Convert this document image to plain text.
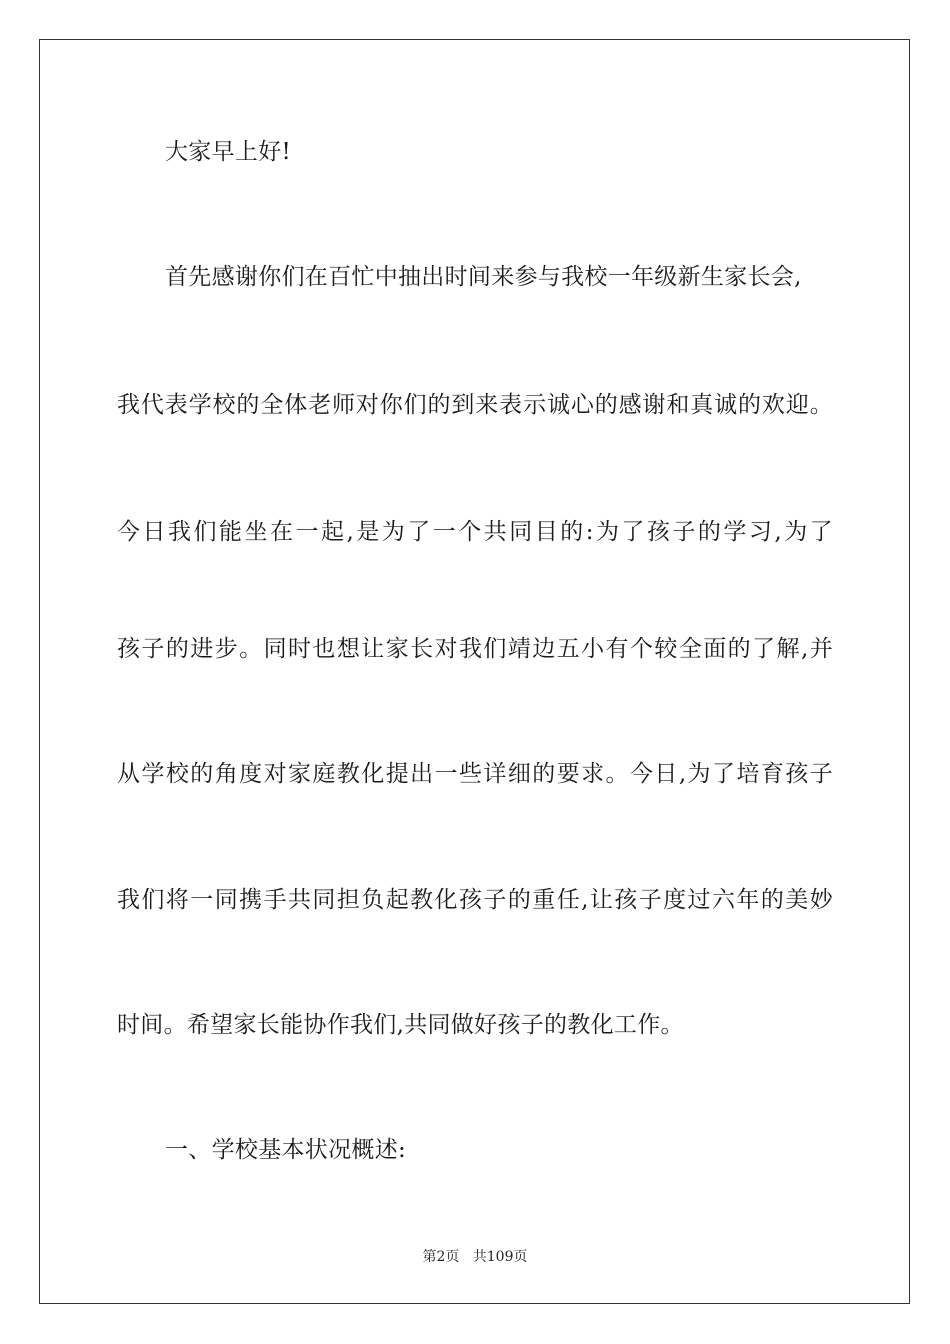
大家早上好!
首先感谢你们在百忙中抽出时间来参与我校一年级新生家长会,
我代表学校的全体老师对你们的到来表示诚心的感谢和真诚的欢迎。
今日我们能坐在一起,是为了一个共同目的:为了孩子的学习,为了
孩子的进步。同时也想让家长对我们靖边五小有个较全面的了解,并
从学校的角度对家庭教化提出一些详细的要求。今日,为了培育孩子
我们将一同携手共同担负起教化孩子的重任,让孩子度过六年的美妙
时间。希望家长能协作我们,共同做好孩子的教化工作。
一、学校基本状况概述:
第2页 共109页
